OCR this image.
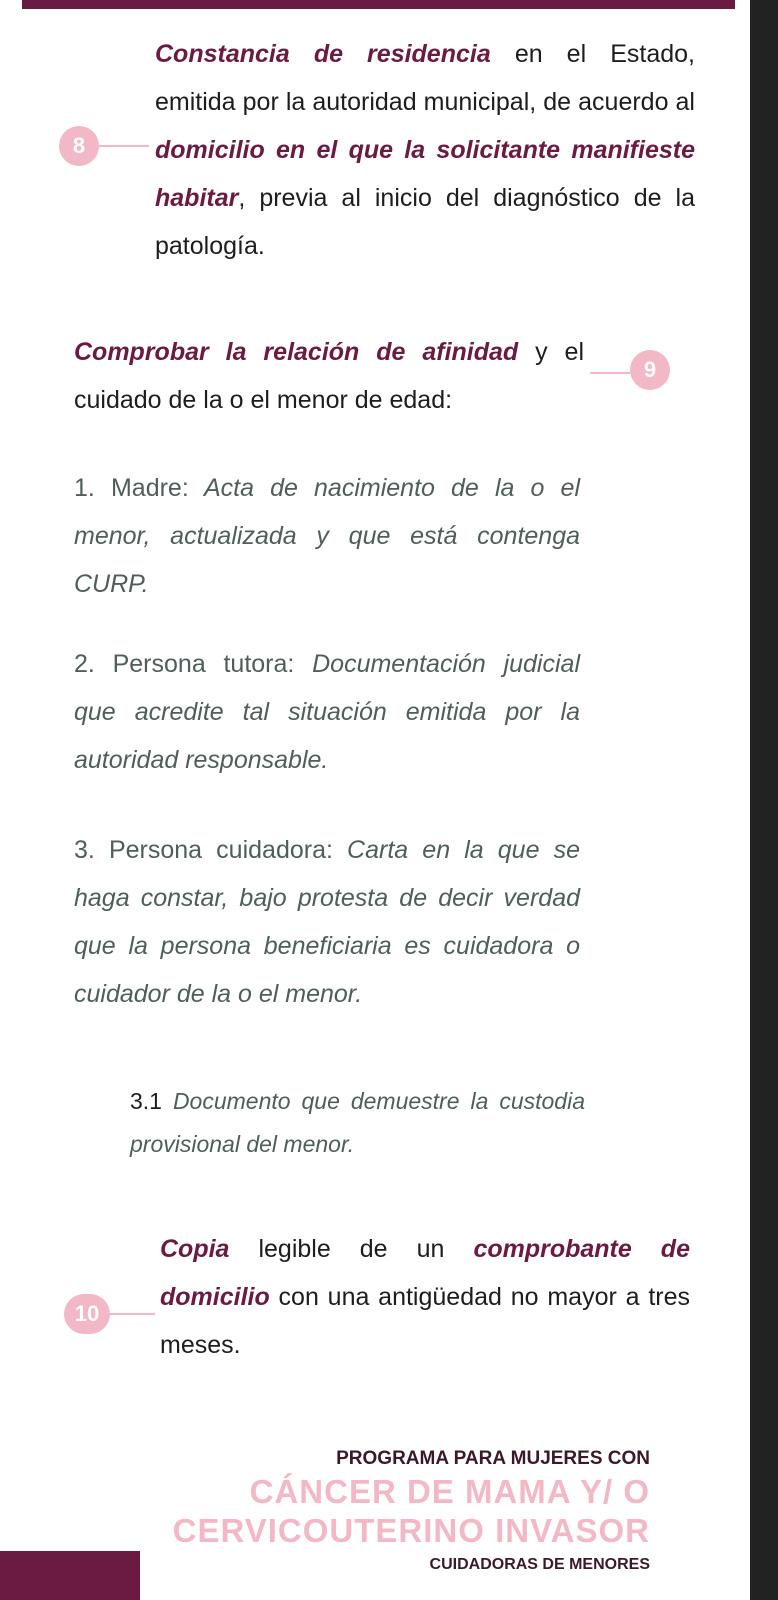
8
Constancia de residencia en el Estado, emitida por la autoridad municipal, de acuerdo al domicilio en el que la solicitante manifieste habitar, previa al inicio del diagnóstico de la patología.
Comprobar la relación de afinidad y el cuidado de la o el menor de edad:
9
1. Madre: Acta de nacimiento de la o el menor, actualizada y que está contenga CURP.
2. Persona tutora: Documentación judicial que acredite tal situación emitida por la autoridad responsable.
3. Persona cuidadora: Carta en la que se haga constar, bajo protesta de decir verdad que la persona beneficiaria es cuidadora o cuidador de la o el menor.
3.1 Documento que demuestre la custodia provisional del menor.
10
Copia legible de un comprobante de domicilio con una antigüedad no mayor a tres meses.
PROGRAMA PARA MUJERES CON
CÁNCER DE MAMA Y/ O
CERVICOUTERINO INVASOR
CUIDADORAS DE MENORES
